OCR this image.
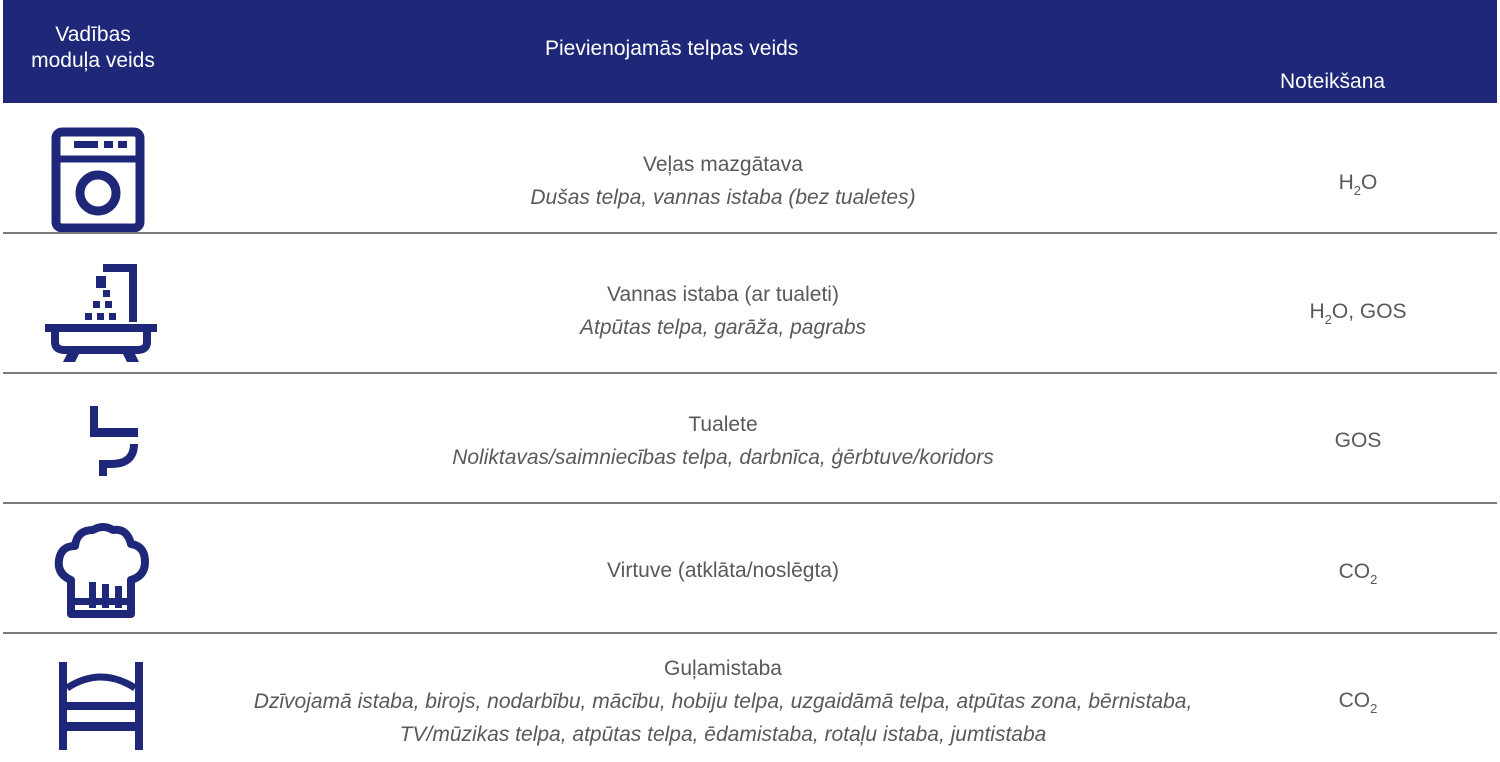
Vadības
moduļa veids
Pievienojamās telpas veids
Noteikšana
Veļas mazgātava
Dušas telpa, vannas istaba (bez tualetes)
$H_2O$
Vannas istaba (ar tualeti)
Atpūtas telpa, garāža, pagrabs
$H_2O$, GOS
Tualete
Noliktavas/saimniecības telpa, darbnīca, ģērbtuve/koridors
GOS
Virtuve (atklāta/noslēgta)	$CO_2$
Guļamistaba
Dzīvojamā istaba, birojs, nodarbību, mācību, hobiju telpa, uzgaidāmā telpa, atpūtas zona, bērnistaba,
TV/mūzikas telpa, atpūtas telpa, ēdamistaba, rotaļu istaba, jumtistaba
$CO_2$
